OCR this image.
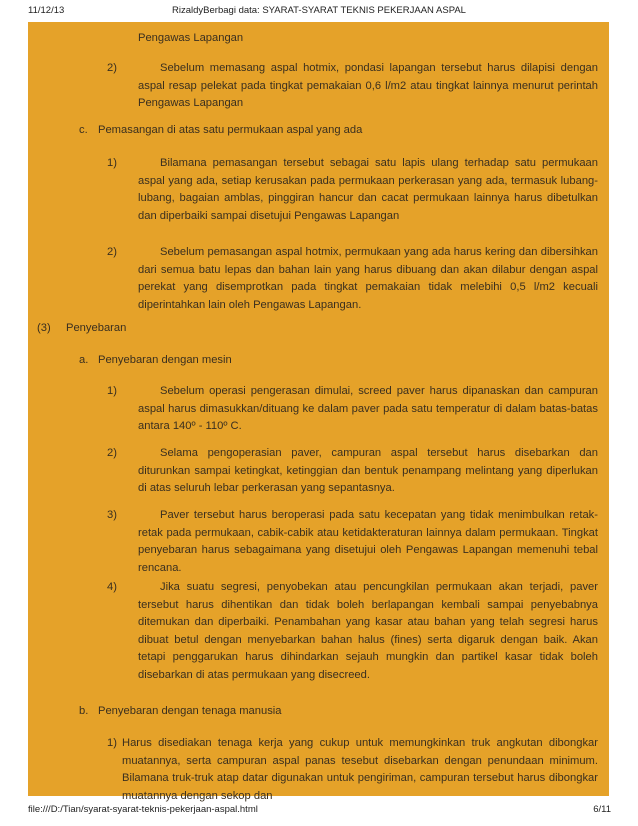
11/12/13	RizaldyBerbagi data: SYARAT-SYARAT TEKNIS PEKERJAAN ASPAL
Pengawas Lapangan
2)	Sebelum memasang aspal hotmix, pondasi lapangan tersebut harus dilapisi dengan aspal resap pelekat pada tingkat pemakaian 0,6 l/m2 atau tingkat lainnya menurut perintah Pengawas Lapangan
c. Pemasangan di atas satu permukaan aspal yang ada
1)	Bilamana pemasangan tersebut sebagai satu lapis ulang terhadap satu permukaan aspal yang ada, setiap kerusakan pada permukaan perkerasan yang ada, termasuk lubang-lubang, bagaian amblas, pinggiran hancur dan cacat permukaan lainnya harus dibetulkan dan diperbaiki sampai disetujui Pengawas Lapangan
2)	Sebelum pemasangan aspal hotmix, permukaan yang ada harus kering dan dibersihkan dari semua batu lepas dan bahan lain yang harus dibuang dan akan dilabur dengan aspal perekat yang disemprotkan pada tingkat pemakaian tidak melebihi 0,5 l/m2 kecuali diperintahkan lain oleh Pengawas Lapangan.
(3) Penyebaran
a. Penyebaran dengan mesin
1)	Sebelum operasi pengerasan dimulai, screed paver harus dipanaskan dan campuran aspal harus dimasukkan/dituang ke dalam paver pada satu temperatur di dalam batas-batas antara 140º - 110º C.
2)	Selama pengoperasian paver, campuran aspal tersebut harus disebarkan dan diturunkan sampai ketingkat, ketinggian dan bentuk penampang melintang yang diperlukan di atas seluruh lebar perkerasan yang sepantasnya.
3)	Paver tersebut harus beroperasi pada satu kecepatan yang tidak menimbulkan retak-retak pada permukaan, cabik-cabik atau ketidakteraturan lainnya dalam permukaan. Tingkat penyebaran harus sebagaimana yang disetujui oleh Pengawas Lapangan memenuhi tebal rencana.
4)	Jika suatu segresi, penyobekan atau pencungkilan permukaan akan terjadi, paver tersebut harus dihentikan dan tidak boleh berlapangan kembali sampai penyebabnya ditemukan dan diperbaiki. Penambahan yang kasar atau bahan yang telah segresi harus dibuat betul dengan menyebarkan bahan halus (fines) serta digaruk dengan baik. Akan tetapi penggarukan harus dihindarkan sejauh mungkin dan partikel kasar tidak boleh disebarkan di atas permukaan yang disecreed.
b. Penyebaran dengan tenaga manusia
1) Harus disediakan tenaga kerja yang cukup untuk memungkinkan truk angkutan dibongkar muatannya, serta campuran aspal panas tesebut disebarkan dengan penundaan minimum. Bilamana truk-truk atap datar digunakan untuk pengiriman, campuran tersebut harus dibongkar muatannya dengan sekop dan
file:///D:/Tian/syarat-syarat-teknis-pekerjaan-aspal.html	6/11
